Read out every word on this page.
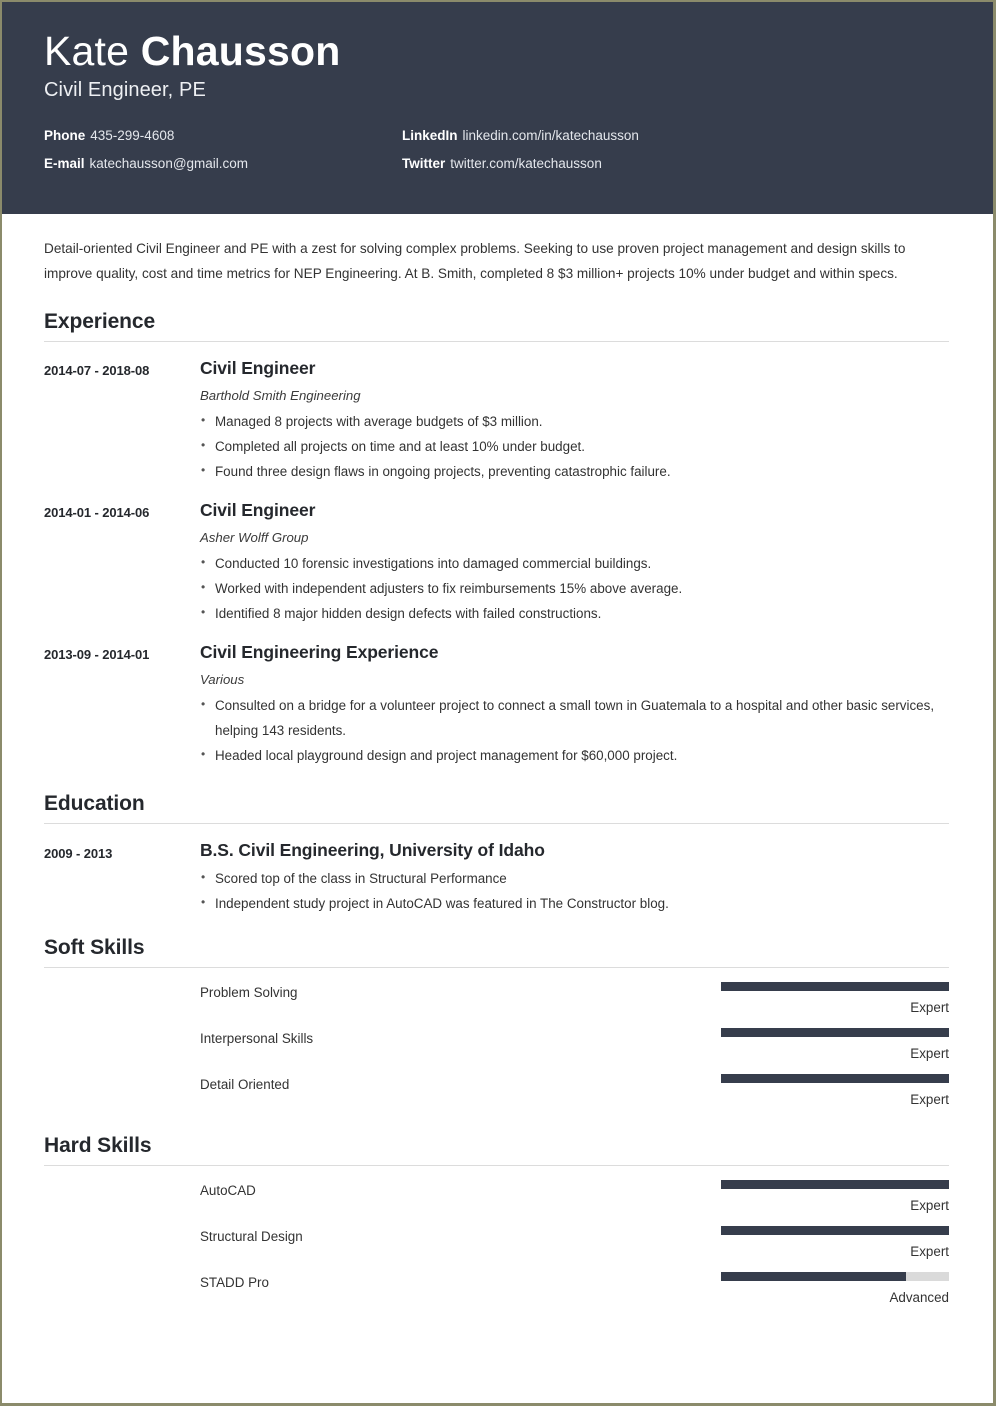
Kate Chausson
Civil Engineer, PE
Phone 435-299-4608	LinkedIn linkedin.com/in/katechausson
E-mail katechausson@gmail.com	Twitter twitter.com/katechausson

Detail-oriented Civil Engineer and PE with a zest for solving complex problems. Seeking to use proven project management and design skills to improve quality, cost and time metrics for NEP Engineering. At B. Smith, completed 8 $3 million+ projects 10% under budget and within specs.

Experience
2014-07 - 2018-08	Civil Engineer
Barthold Smith Engineering
• Managed 8 projects with average budgets of $3 million.
• Completed all projects on time and at least 10% under budget.
• Found three design flaws in ongoing projects, preventing catastrophic failure.
2014-01 - 2014-06	Civil Engineer
Asher Wolff Group
• Conducted 10 forensic investigations into damaged commercial buildings.
• Worked with independent adjusters to fix reimbursements 15% above average.
• Identified 8 major hidden design defects with failed constructions.
2013-09 - 2014-01	Civil Engineering Experience
Various
• Consulted on a bridge for a volunteer project to connect a small town in Guatemala to a hospital and other basic services, helping 143 residents.
• Headed local playground design and project management for $60,000 project.
Education
2009 - 2013	B.S. Civil Engineering, University of Idaho
• Scored top of the class in Structural Performance
• Independent study project in AutoCAD was featured in The Constructor blog.
Soft Skills
Problem Solving
Expert
Interpersonal Skills
Expert
Detail Oriented
Expert
Hard Skills
AutoCAD
Expert
Structural Design
Expert
STADD Pro
Advanced
